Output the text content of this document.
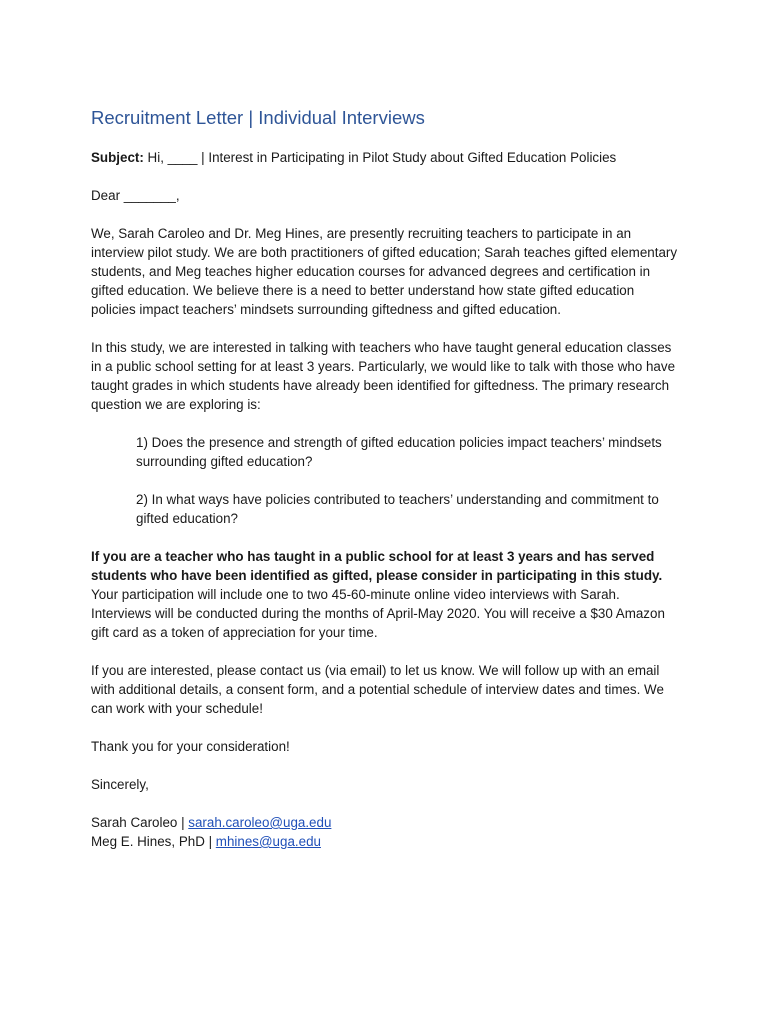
Recruitment Letter | Individual Interviews

Subject: Hi, ____ | Interest in Participating in Pilot Study about Gifted Education Policies

Dear _______,

We, Sarah Caroleo and Dr. Meg Hines, are presently recruiting teachers to participate in an interview pilot study. We are both practitioners of gifted education; Sarah teaches gifted elementary students, and Meg teaches higher education courses for advanced degrees and certification in gifted education. We believe there is a need to better understand how state gifted education policies impact teachers’ mindsets surrounding giftedness and gifted education.

In this study, we are interested in talking with teachers who have taught general education classes in a public school setting for at least 3 years. Particularly, we would like to talk with those who have taught grades in which students have already been identified for giftedness. The primary research question we are exploring is:

1) Does the presence and strength of gifted education policies impact teachers’ mindsets surrounding gifted education?

2) In what ways have policies contributed to teachers’ understanding and commitment to gifted education?

If you are a teacher who has taught in a public school for at least 3 years and has served students who have been identified as gifted, please consider in participating in this study. Your participation will include one to two 45-60-minute online video interviews with Sarah. Interviews will be conducted during the months of April-May 2020. You will receive a $30 Amazon gift card as a token of appreciation for your time.

If you are interested, please contact us (via email) to let us know. We will follow up with an email with additional details, a consent form, and a potential schedule of interview dates and times. We can work with your schedule!

Thank you for your consideration!

Sincerely,

Sarah Caroleo | sarah.caroleo@uga.edu
Meg E. Hines, PhD | mhines@uga.edu
